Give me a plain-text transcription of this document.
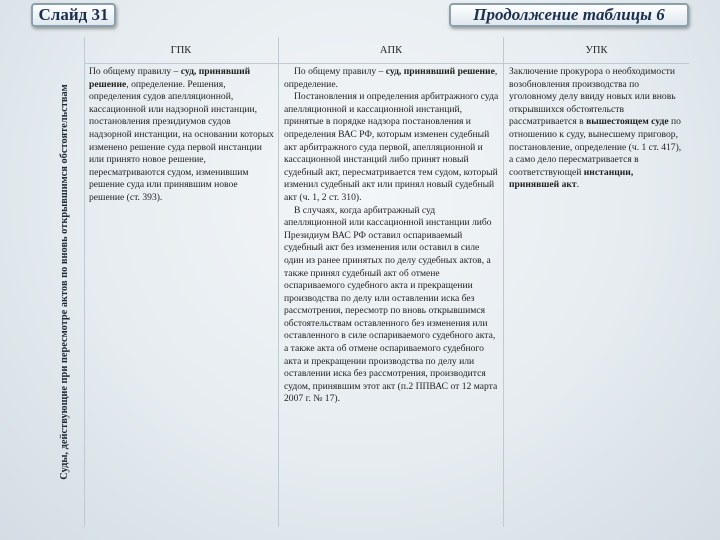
Слайд 31	Продолжение таблицы 6
Суды, действующие при пересмотре актов по вновь открывшимся обстоятельствам
ГПК

По общему правилу – суд, принявший решение, определение. Решения, определения судов апелляционной, кассационной или надзорной инстанции, постановления президиумов судов надзорной инстанции, на основании которых изменено решение суда первой инстанции или принято новое решение, пересматриваются судом, изменившим решение суда или принявшим новое решение (ст. 393).

АПК

По общему правилу – суд, принявший решение, определение.

Постановления и определения арбитражного суда апелляционной и кассационной инстанций, принятые в порядке надзора постановления и определения ВАС РФ, которым изменен судебный акт арбитражного суда первой, апелляционной и кассационной инстанций либо принят новый судебный акт, пересматривается тем судом, который изменил судебный акт или принял новый судебный акт (ч. 1, 2 ст. 310).

В случаях, когда арбитражный суд апелляционной или кассационной инстанции либо Президиум ВАС РФ оставил оспариваемый судебный акт без изменения или оставил в силе один из ранее принятых по делу судебных актов, а также принял судебный акт об отмене оспариваемого судебного акта и прекращении производства по делу или оставлении иска без рассмотрения, пересмотр по вновь открывшимся обстоятельствам оставленного без изменения или оставленного в силе оспариваемого судебного акта, а также акта об отмене оспариваемого судебного акта и прекращении производства по делу или оставлении иска без рассмотрения, производится судом, принявшим этот акт (п.2 ППВАС от 12 марта 2007 г. № 17).

УПК

Заключение прокурора о необходимости возобновления производства по уголовному делу ввиду новых или вновь открывшихся обстоятельств рассматривается в вышестоящем суде по отношению к суду, вынесшему приговор, постановление, определение (ч. 1 ст. 417), а само дело пересматривается в соответствующей инстанции, принявшей акт.
